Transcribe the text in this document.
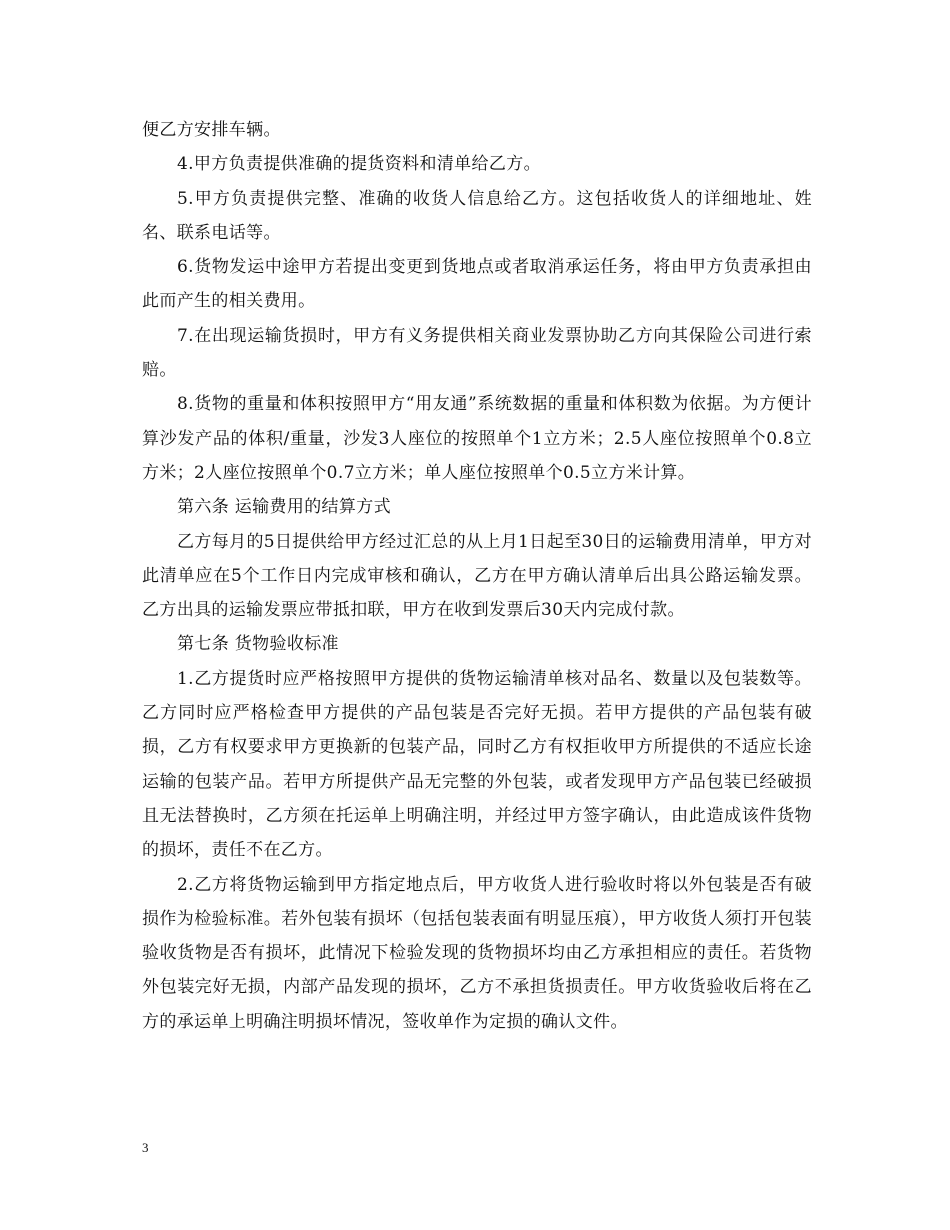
便乙方安排车辆。

4.甲方负责提供准确的提货资料和清单给乙方。

5.甲方负责提供完整、准确的收货人信息给乙方。这包括收货人的详细地址、姓名、联系电话等。

6.货物发运中途甲方若提出变更到货地点或者取消承运任务，将由甲方负责承担由此而产生的相关费用。

7.在出现运输货损时，甲方有义务提供相关商业发票协助乙方向其保险公司进行索赔。

8.货物的重量和体积按照甲方“用友通”系统数据的重量和体积数为依据。为方便计算沙发产品的体积/重量，沙发3人座位的按照单个1立方米；2.5人座位按照单个0.8立方米；2人座位按照单个0.7立方米；单人座位按照单个0.5立方米计算。

第六条 运输费用的结算方式

乙方每月的5日提供给甲方经过汇总的从上月1日起至30日的运输费用清单，甲方对此清单应在5个工作日内完成审核和确认，乙方在甲方确认清单后出具公路运输发票。乙方出具的运输发票应带抵扣联，甲方在收到发票后30天内完成付款。

第七条 货物验收标准

1.乙方提货时应严格按照甲方提供的货物运输清单核对品名、数量以及包装数等。乙方同时应严格检查甲方提供的产品包装是否完好无损。若甲方提供的产品包装有破损，乙方有权要求甲方更换新的包装产品，同时乙方有权拒收甲方所提供的不适应长途运输的包装产品。若甲方所提供产品无完整的外包装，或者发现甲方产品包装已经破损且无法替换时，乙方须在托运单上明确注明，并经过甲方签字确认，由此造成该件货物的损坏，责任不在乙方。

2.乙方将货物运输到甲方指定地点后，甲方收货人进行验收时将以外包装是否有破损作为检验标准。若外包装有损坏（包括包装表面有明显压痕），甲方收货人须打开包装验收货物是否有损坏，此情况下检验发现的货物损坏均由乙方承担相应的责任。若货物外包装完好无损，内部产品发现的损坏，乙方不承担货损责任。甲方收货验收后将在乙方的承运单上明确注明损坏情况，签收单作为定损的确认文件。

3
